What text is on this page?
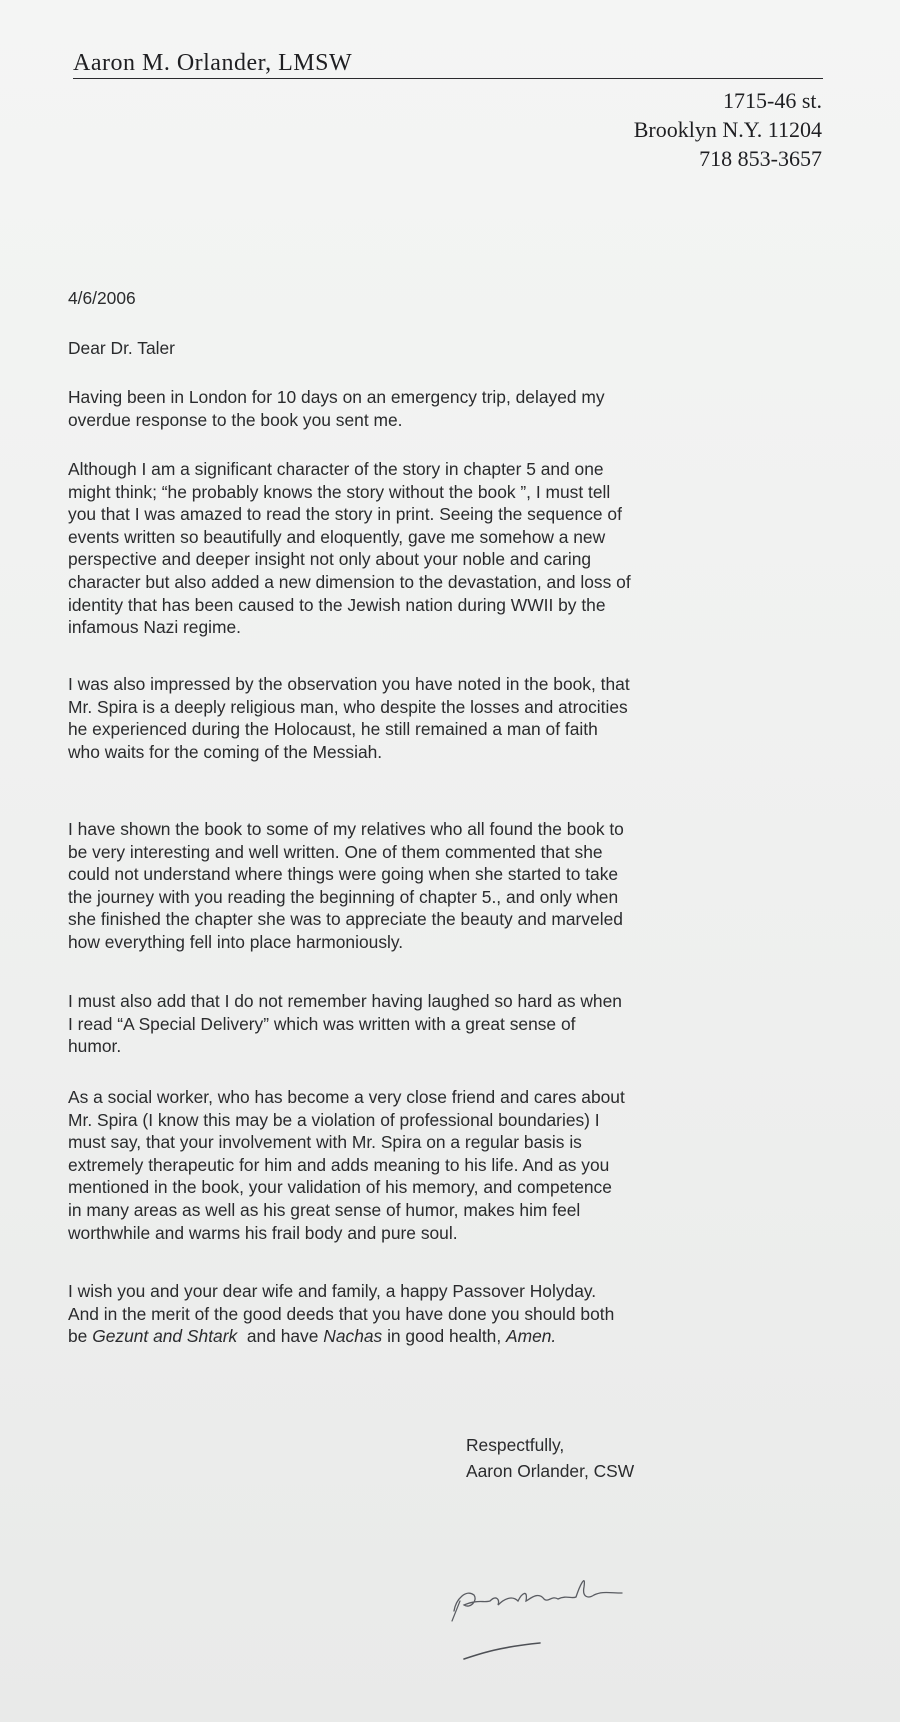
Aaron M. Orlander, LMSW
1715-46 st.
Brooklyn N.Y. 11204
718 853-3657
4/6/2006
Dear Dr. Taler

Having been in London for 10 days on an emergency trip, delayed my
overdue response to the book you sent me.

Although I am a significant character of the story in chapter 5 and one
might think; “he probably knows the story without the book ”, I must tell
you that I was amazed to read the story in print. Seeing the sequence of
events written so beautifully and eloquently, gave me somehow a new
perspective and deeper insight not only about your noble and caring
character but also added a new dimension to the devastation, and loss of
identity that has been caused to the Jewish nation during WWII by the
infamous Nazi regime.

I was also impressed by the observation you have noted in the book, that
Mr. Spira is a deeply religious man, who despite the losses and atrocities
he experienced during the Holocaust, he still remained a man of faith
who waits for the coming of the Messiah.

I have shown the book to some of my relatives who all found the book to
be very interesting and well written. One of them commented that she
could not understand where things were going when she started to take
the journey with you reading the beginning of chapter 5., and only when
she finished the chapter she was to appreciate the beauty and marveled
how everything fell into place harmoniously.

I must also add that I do not remember having laughed so hard as when
I read “A Special Delivery” which was written with a great sense of
humor.

As a social worker, who has become a very close friend and cares about
Mr. Spira (I know this may be a violation of professional boundaries) I
must say, that your involvement with Mr. Spira on a regular basis is
extremely therapeutic for him and adds meaning to his life. And as you
mentioned in the book, your validation of his memory, and competence
in many areas as well as his great sense of humor, makes him feel
worthwhile and warms his frail body and pure soul.

I wish you and your dear wife and family, a happy Passover Holyday.
And in the merit of the good deeds that you have done you should both
be Gezunt and Shtark  and have Nachas in good health, Amen.

Respectfully,
Aaron Orlander, CSW
